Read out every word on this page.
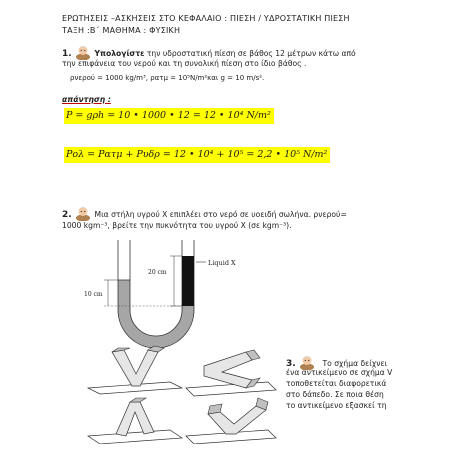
ΕΡΩΤΗΣΕΙΣ –ΑΣΚΗΣΕΙΣ ΣΤΟ ΚΕΦΑΛΑΙΟ : ΠΙΕΣΗ / ΥΔΡΟΣΤΑΤΙΚΗ ΠΙΕΣΗ
ΤΑΞΗ :Β΄ ΜΑΘΗΜΑ : ΦΥΣΙΚΗ
1.	Υπολογίστε την υδροστατική πίεση σε βάθος 12 μέτρων κάτω από
την επιφάνεια του νερού και τη συνολική πίεση στο ίδιο βάθος .
ρνερού = 1000 kg/m³, ρατμ = 10⁵N/m²και g = 10 m/s².
απάντηση :
P = gρh = 10 • 1000 • 12 = 12 • 10⁴ N/m²
Pολ = Pατμ + Pυδρ = 12 • 10⁴ + 10⁵ = 2,2 • 10⁵ N/m²
2.	Μια στήλη υγρού Χ επιπλέει στο νερό σε υοειδή σωλήνα. ρνερού=
1000 kgm⁻³, βρείτε την πυκνότητα του υγρού Χ (σε kgm⁻³).
Liquid X
20 cm
10 cm
3.	Το σχήμα δείχνει
ένα αντικείμενο σε σχήμα V
τοποθετείται διαφορετικά
στο δάπεδο. Σε ποια θέση
το αντικείμενο εξασκεί τη
